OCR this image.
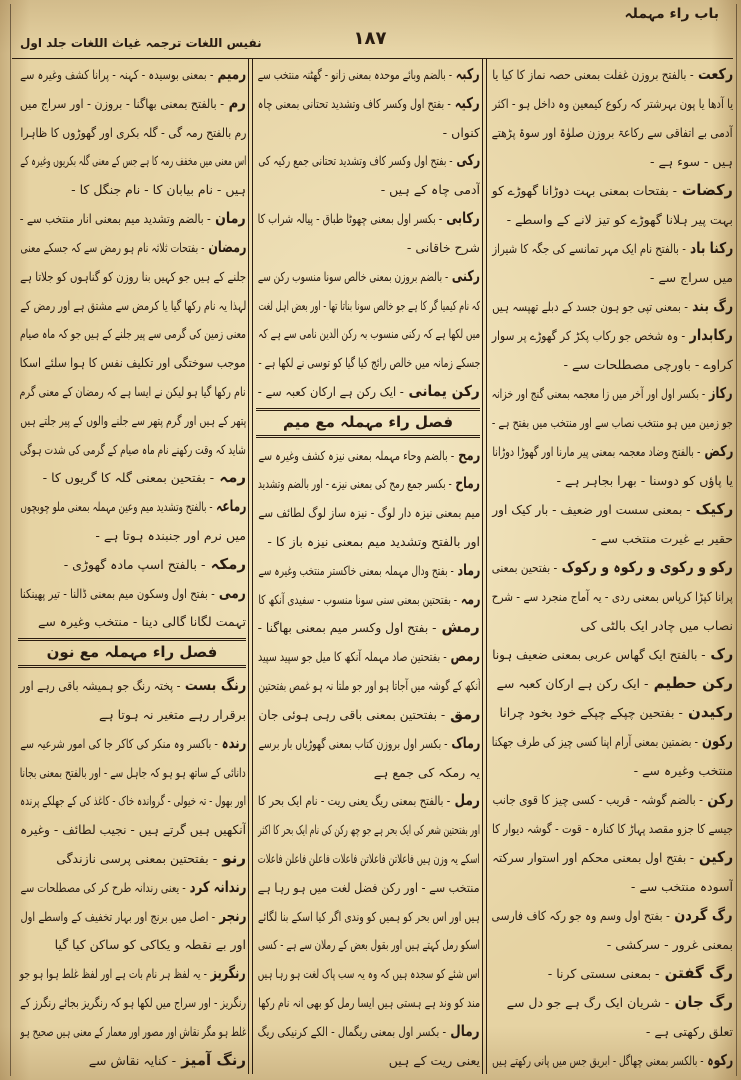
باب راء مہملہ
۱۸۷
نفیس اللغات ترجمہ غیاث اللغات جلد اول
رکعت - بالفتح بروزن غفلت بمعنی حصہ نماز کا کیا یا
یا آدھا یا پون بہرشتر کہ رکوع کیمعین وہ داخل ہو - اکثر
آدمی بے اتفاقی سے رکاعۃ بروزن صلوٰۃ اور سوۃ پڑھتے
ہیں - سوء ہے -
رکضات - بفتحات بمعنی بہت دوڑانا گھوڑے کو
بہت پیر ہلانا گھوڑے کو تیز لانے کے واسطے -
رکنا باد - بالفتح نام ایک مہر تمانسے کی جگہ کا شیراز
میں سراج سے -
رگ بند - بمعنی تپی جو ہون جسد کے دبلے تھپسہ ہیں
رکابدار - وہ شخص جو رکاب پکڑ کر گھوڑے پر سوار
کراوے - باورچی مصطلحات سے -
رکاز - بکسر اول اور آخر میں زا معجمہ بمعنی گنج اور خزانہ
جو زمین میں ہو منتخب نصاب سے اور منتخب میں بفتح ہے -
رکض - بالفتح وضاد معجمہ بمعنی پیر مارنا اور گھوڑا دوڑانا
یا پاؤں کو دوسنا - بھرا بجاہر ہے -
رکیک - بمعنی سست اور ضعیف - بار کیک اور
حقیر بے غیرت منتخب سے -
رکو و رکوی و رکوہ و رکوک - بفتحین بمعنی
پرانا کپڑا کرپاس بمعنی ردی - یہ آماج منجرد سے - شرح
نصاب میں چادر ایک بالٹی کی
رک - بالفتح ایک گھاس عربی بمعنی ضعیف ہونا
رکن حطیم - ایک رکن ہے ارکان کعبہ سے
رکیدن - بفتحین چپکے چپکے خود بخود چرانا
رکون - بضمتین بمعنی آرام اپنا کسی چیز کی طرف جھکنا
منتخب وغیرہ سے -
رکن - بالضم گوشہ - قریب - کسی چیز کا قوی جانب
جیسے کا جزو مقصد پہاڑ کا کنارہ - قوت - گوشہ دیوار کا
رکین - بفتح اول بمعنی محکم اور استوار سرکتہ
آسودہ منتخب سے -
رگ گردن - بفتح اول وسم وہ جو رکہ کاف فارسی
بمعنی غرور - سرکشی -
رگ گفتن - بمعنی سستی کرنا -
رگ جان - شریان ایک رگ ہے جو دل سے
تعلق رکھتی ہے -
رکوہ - بالکسر بمعنی چھاگل - ابریق جس میں پانی رکھتے ہیں
رکبہ - بالضم وبائے موحدہ بمعنی زانو - گھٹنہ منتخب سے
رکیہ - بفتح اول وکسر کاف وتشدید تحتانی بمعنی چاہ
کنواں -
رکی - بفتح اول وکسر کاف وتشدید تحتانی جمع رکیہ کی
آدمی چاہ کے ہیں -
رکابی - بکسر اول بمعنی چھوٹا طباق - پیالہ شراب کا
شرح خاقانی -
رکنی - بالضم بروزن بمعنی خالص سونا منسوب رکن سے
کہ نام کیمیا گر کا ہے جو خالص سونا بناتا تھا - اور بعض اہل لغت
میں لکھا ہے کہ رکنی منسوب بہ رکن الدین نامی سے ہے کہ
جسکے زمانہ میں خالص رائج کیا گیا کو توسی نے لکھا ہے -
رکن یمانی - ایک رکن ہے ارکان کعبہ سے -
فصل راء مہملہ مع میم
رمح - بالضم وحاء مہملہ بمعنی نیزہ کشف وغیرہ سے
رماح - بکسر جمع رمح کی بمعنی نیزے - اور بالضم وتشدید
میم بمعنی نیزہ دار لوگ - نیزہ ساز لوگ لطائف سے
اور بالفتح وتشدید میم بمعنی نیزہ باز کا -
رماد - بفتح ودال مہملہ بمعنی خاکستر منتخب وغیرہ سے
رمہ - بفتحتین بمعنی سنی سونا منسوب - سفیدی آنکھ کا
رمش - بفتح اول وکسر میم بمعنی بھاگنا -
رمص - بفتحتین صاد مہملہ آنکھ کا میل جو سپید سپید
آنکھ کے گوشہ میں آجاتا ہو اور جو ملتا نہ ہو غمص بفتحتین
رمق - بفتحتین بمعنی باقی رہی ہوئی جان
رماک - بکسر اول بروزن کتاب بمعنی گھوڑیاں بار برسے
یہ رمکہ کی جمع ہے
رمل - بالفتح بمعنی ریگ یعنی ریت - نام ایک بحر کا
اور بفتحتین شعر کی ایک بحر ہے جو چھ رکن کی نام ایک بحر کا اکثر
اسکے یہ وزن ہیں فاعلاتن فاعلاتن فاعلات فاعلن فاعلن فاعلات
منتخب سے - اور رکن فضل لغت میں ہو رہا ہے
ہیں اور اس بحر کو ہمیں کو وندی اگر کیا اسکے بنا لگائے
اسکو رمل کہتے ہیں اور بقول بعض کے رملان سے ہے - کسی
اس شئے کو سجدہ ہیں کہ وہ یہ سب پاک لغت ہو رہا ہیں
مند کو وند ہے ہستی ہیں ایسا رمل کو بھی انہ نام رکھا
رمال - بکسر اول بمعنی ریگمال - الکے کرنیکی ریگ
یعنی ریت کے ہیں
رمیم - بمعنی بوسیدہ - کہنہ - پرانا کشف وغیرہ سے
رم - بالفتح بمعنی بھاگنا - بروزن - اور سراج میں
رم بالفتح رمہ گی - گلہ بکری اور گھوڑوں کا ظاہرا
اس معنی میں مخفف رمہ کا ہے جس کے معنی گلہ بکریوں وغیرہ کے
ہیں - نام بیابان کا - نام جنگل کا -
رمان - بالضم وتشدید میم بمعنی انار منتخب سے -
رمضان - بفتحات ثلاثہ نام ہو رمض سے کہ جسکے معنی
جلنے کے ہیں جو کہیں بنا روزن کو گناہوں کو جلاتا ہے
لہذا یہ نام رکھا گیا یا کرمض سے مشتق ہے اور رمض کے
معنی زمین کی گرمی سے پیر جلنے کے ہیں جو کہ ماہ صیام
موجب سوختگی اور تکلیف نفس کا ہوا سلئے اسکا
نام رکھا گیا ہو لیکن نے ایسا ہے کہ رمضان کے معنی گرم
پتھر کے ہیں اور گرم پتھر سے جلنے والوں کے پیر جلتے ہیں
شاید کہ وقت رکھنے نام ماہ صیام کے گرمی کی شدت ہوگی
رمہ - بفتحین بمعنی گلہ کا گریوں کا -
رماعہ - بالفتح وتشدید میم وعین مہملہ بمعنی ملو چوبچوں
میں نرم اور جنبندہ ہوتا ہے -
رمکہ - بالفتح اسپ مادہ گھوڑی -
رمی - بفتح اول وسکون میم بمعنی ڈالنا - تیر پھینکنا
تہمت لگانا گالی دینا - منتخب وغیرہ سے
فصل راء مہملہ مع نون
رنگ بست - پختہ رنگ جو ہمیشہ باقی رہے اور
برقرار رہے متغیر نہ ہوتا ہے
رندہ - باکسر وہ منکر کی کاکر جا کی امور شرعیہ سے
دانائی کے ساتھ ہو ہو کہ جاہل سے - اور بالفتح بمعنی بجانا
اور بھول - تہ خیولی - گرواندہ خاک - کاغذ کی کے جھلکے پرندہ
آنکھیں ہیں گرتے ہیں - نجیب لطائف - وغیرہ
رنو - بفتحتین بمعنی پرسی نازندگی
رندانہ کرد - یعنی رندانہ طرح کر کی مصطلحات سے
رنجر - اصل میں برنج اور بہار تخفیف کے واسطے اول
اور بے نقطہ و یکاکی کو ساکن کیا گیا
رنگریز - یہ لفظ ہر نام بات ہے اور لفظ غلط ہوا ہو جو
رنگریز - اور سراج میں لکھا ہو کہ رنگریز بجائے رنگرز کے
غلط ہو مگر نقاش اور مصور اور معمار کے معنی ہیں صحیح ہو
رنگ آمیز - کنایہ نقاش سے
